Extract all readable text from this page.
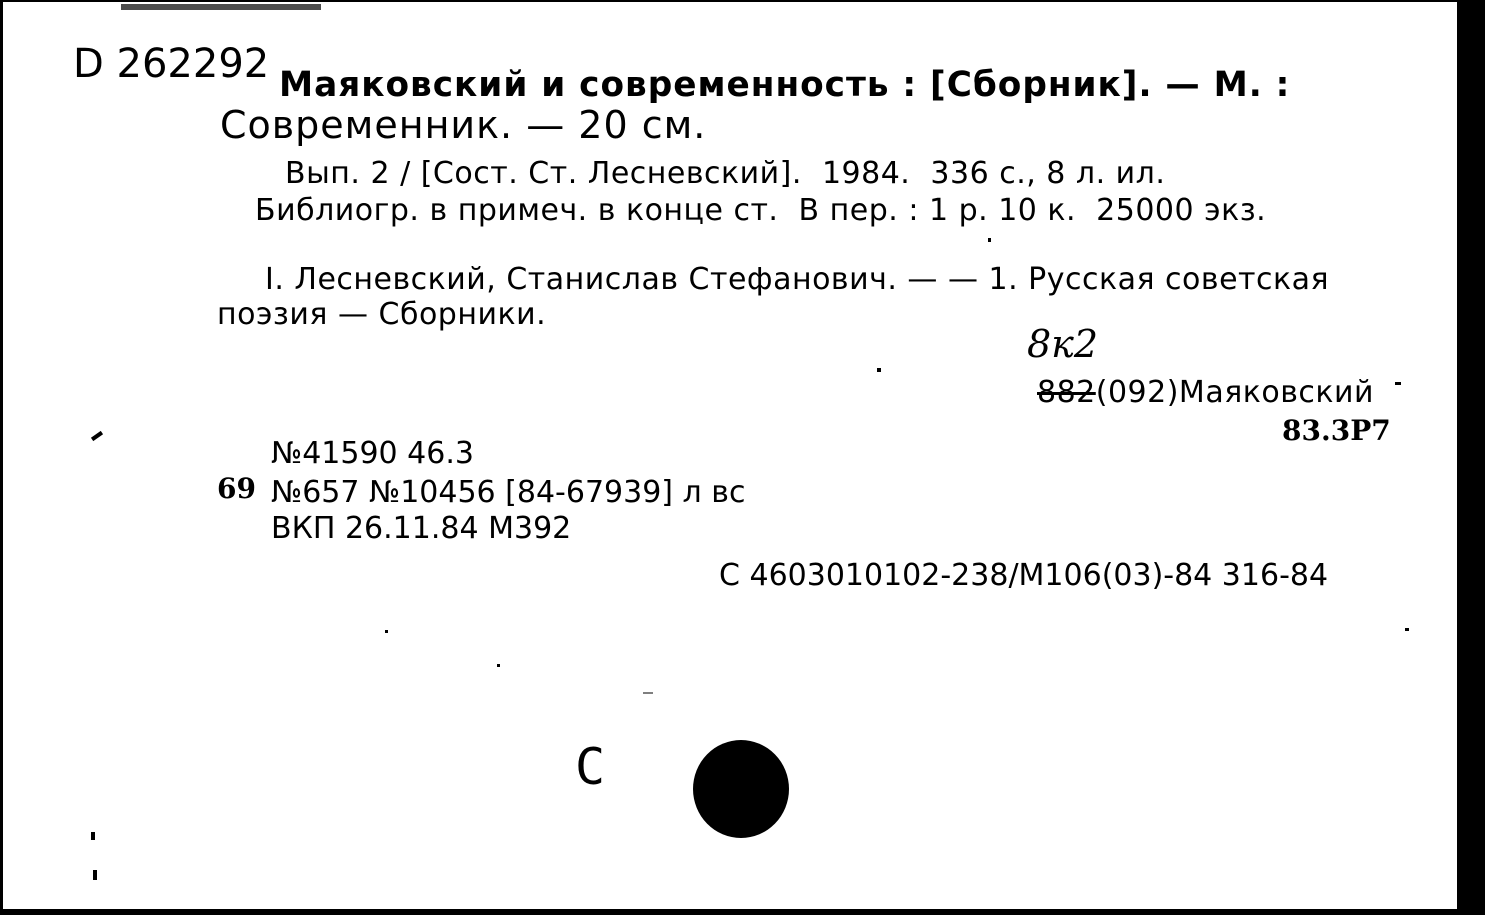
D 262292 Маяковский и современность : [Сборник]. — М. :
Современник. — 20 см.
Вып. 2 / [Сост. Ст. Лесневский].  1984.  336 с., 8 л. ил.
Библиогр. в примеч. в конце ст.  В пер. : 1 р. 10 к.  25000 экз.
I. Лесневский, Станислав Стефанович. — — 1. Русская советская
поэзия — Сборники.
8к2
882(092)Маяковский
83.3Р7
№41590 46.3
69 №657 №10456 [84-67939] л вс
ВКП 26.11.84 М392
С 4603010102-238/М106(03)-84 316-84
С
